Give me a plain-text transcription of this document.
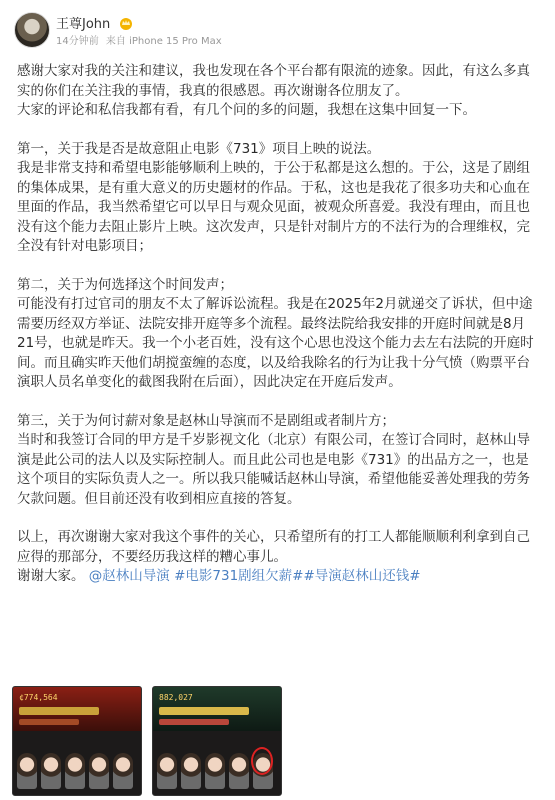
王尊John
14分钟前 来自 iPhone 15 Pro Max

感谢大家对我的关注和建议，我也发现在各个平台都有限流的迹象。因此，有这么多真实的你们在关注我的事情，我真的很感恩。再次谢谢各位朋友了。

大家的评论和私信我都有看，有几个问的多的问题，我想在这集中回复一下。

第一，关于我是否是故意阻止电影《731》项目上映的说法。

我是非常支持和希望电影能够顺利上映的，于公于私都是这么想的。于公，这是了剧组的集体成果，是有重大意义的历史题材的作品。于私，这也是我花了很多功夫和心血在里面的作品，我当然希望它可以早日与观众见面，被观众所喜爱。我没有理由，而且也没有这个能力去阻止影片上映。这次发声，只是针对制片方的不法行为的合理维权，完全没有针对电影项目；

第二，关于为何选择这个时间发声；

可能没有打过官司的朋友不太了解诉讼流程。我是在2025年2月就递交了诉状，但中途需要历经双方举证、法院安排开庭等多个流程。最终法院给我安排的开庭时间就是8月21号，也就是昨天。我一个小老百姓，没有这个心思也没这个能力去左右法院的开庭时间。而且确实昨天他们胡搅蛮缠的态度，以及给我除名的行为让我十分气愤（购票平台演职人员名单变化的截图我附在后面），因此决定在开庭后发声。

第三，关于为何讨薪对象是赵林山导演而不是剧组或者制片方；

当时和我签订合同的甲方是千岁影视文化（北京）有限公司，在签订合同时，赵林山导演是此公司的法人以及实际控制人。而且此公司也是电影《731》的出品方之一，也是这个项目的实际负责人之一。所以我只能喊话赵林山导演，希望他能妥善处理我的劳务欠款问题。但目前还没有收到相应直接的答复。

以上，再次谢谢大家对我这个事件的关心，只希望所有的打工人都能顺顺利利拿到自己应得的那部分，不要经历我这样的糟心事儿。

谢谢大家。 @赵林山导演 #电影731剧组欠薪##导演赵林山还钱#

¢774,564	882,027
